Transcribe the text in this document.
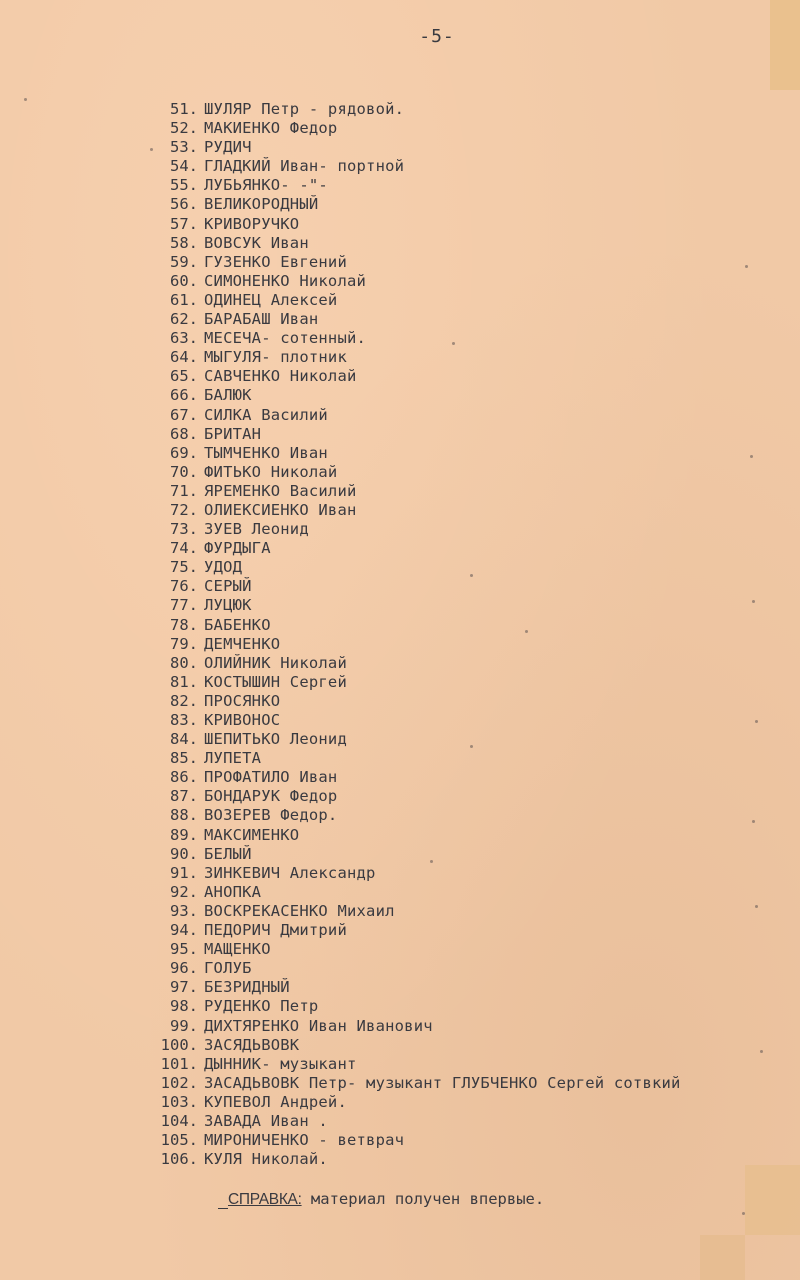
-5-
51. ШУЛЯР Петр - рядовой.
52. МАКИЕНКО Федор
53. РУДИЧ
54. ГЛАДКИЙ Иван- портной
55. ЛУБЬЯНКО- -"-
56. ВЕЛИКОРОДНЫЙ
57. КРИВОРУЧКО
58. ВОВСУК Иван
59. ГУЗЕНКО Евгений
60. СИМОНЕНКО Николай
61. ОДИНЕЦ Алексей
62. БАРАБАШ Иван
63. МЕСЕЧА- сотенный.
64. МЫГУЛЯ- плотник
65. САВЧЕНКО Николай
66. БАЛЮК
67. СИЛКА Василий
68. БРИТАН
69. ТЫМЧЕНКО Иван
70. ФИТЬКО Николай
71. ЯРЕМЕНКО Василий
72. ОЛИЕКСИЕНКО Иван
73. ЗУЕВ Леонид
74. ФУРДЫГА
75. УДОД
76. СЕРЫЙ
77. ЛУЦЮК
78. БАБЕНКО
79. ДЕМЧЕНКО
80. ОЛИЙНИК Николай
81. КОСТЫШИН Сергей
82. ПРОСЯНКО
83. КРИВОНОС
84. ШЕПИТЬКО Леонид
85. ЛУПЕТА
86. ПРОФАТИЛО Иван
87. БОНДАРУК Федор
88. ВОЗЕРЕВ Федор.
89. МАКСИМЕНКО
90. БЕЛЫЙ
91. ЗИНКЕВИЧ Александр
92. АНОПКА
93. ВОСКРЕКАСЕНКО Михаил
94. ПЕДОРИЧ Дмитрий
95. МАЩЕНКО
96. ГОЛУБ
97. БЕЗРИДНЫЙ
98. РУДЕНКО Петр
99. ДИХТЯРЕНКО Иван Иванович
100. ЗАСЯДЬВОВК
101. ДЫННИК- музыкант
102. ЗАСАДЬВОВК Петр- музыкант ГЛУБЧЕНКО Сергей сотвкий
103. КУПЕВОЛ Андрей.
104. ЗАВАДА Иван .
105. МИРОНИЧЕНКО - ветврач
106. КУЛЯ Николай.
СПРАВКА: материал получен впервые.
